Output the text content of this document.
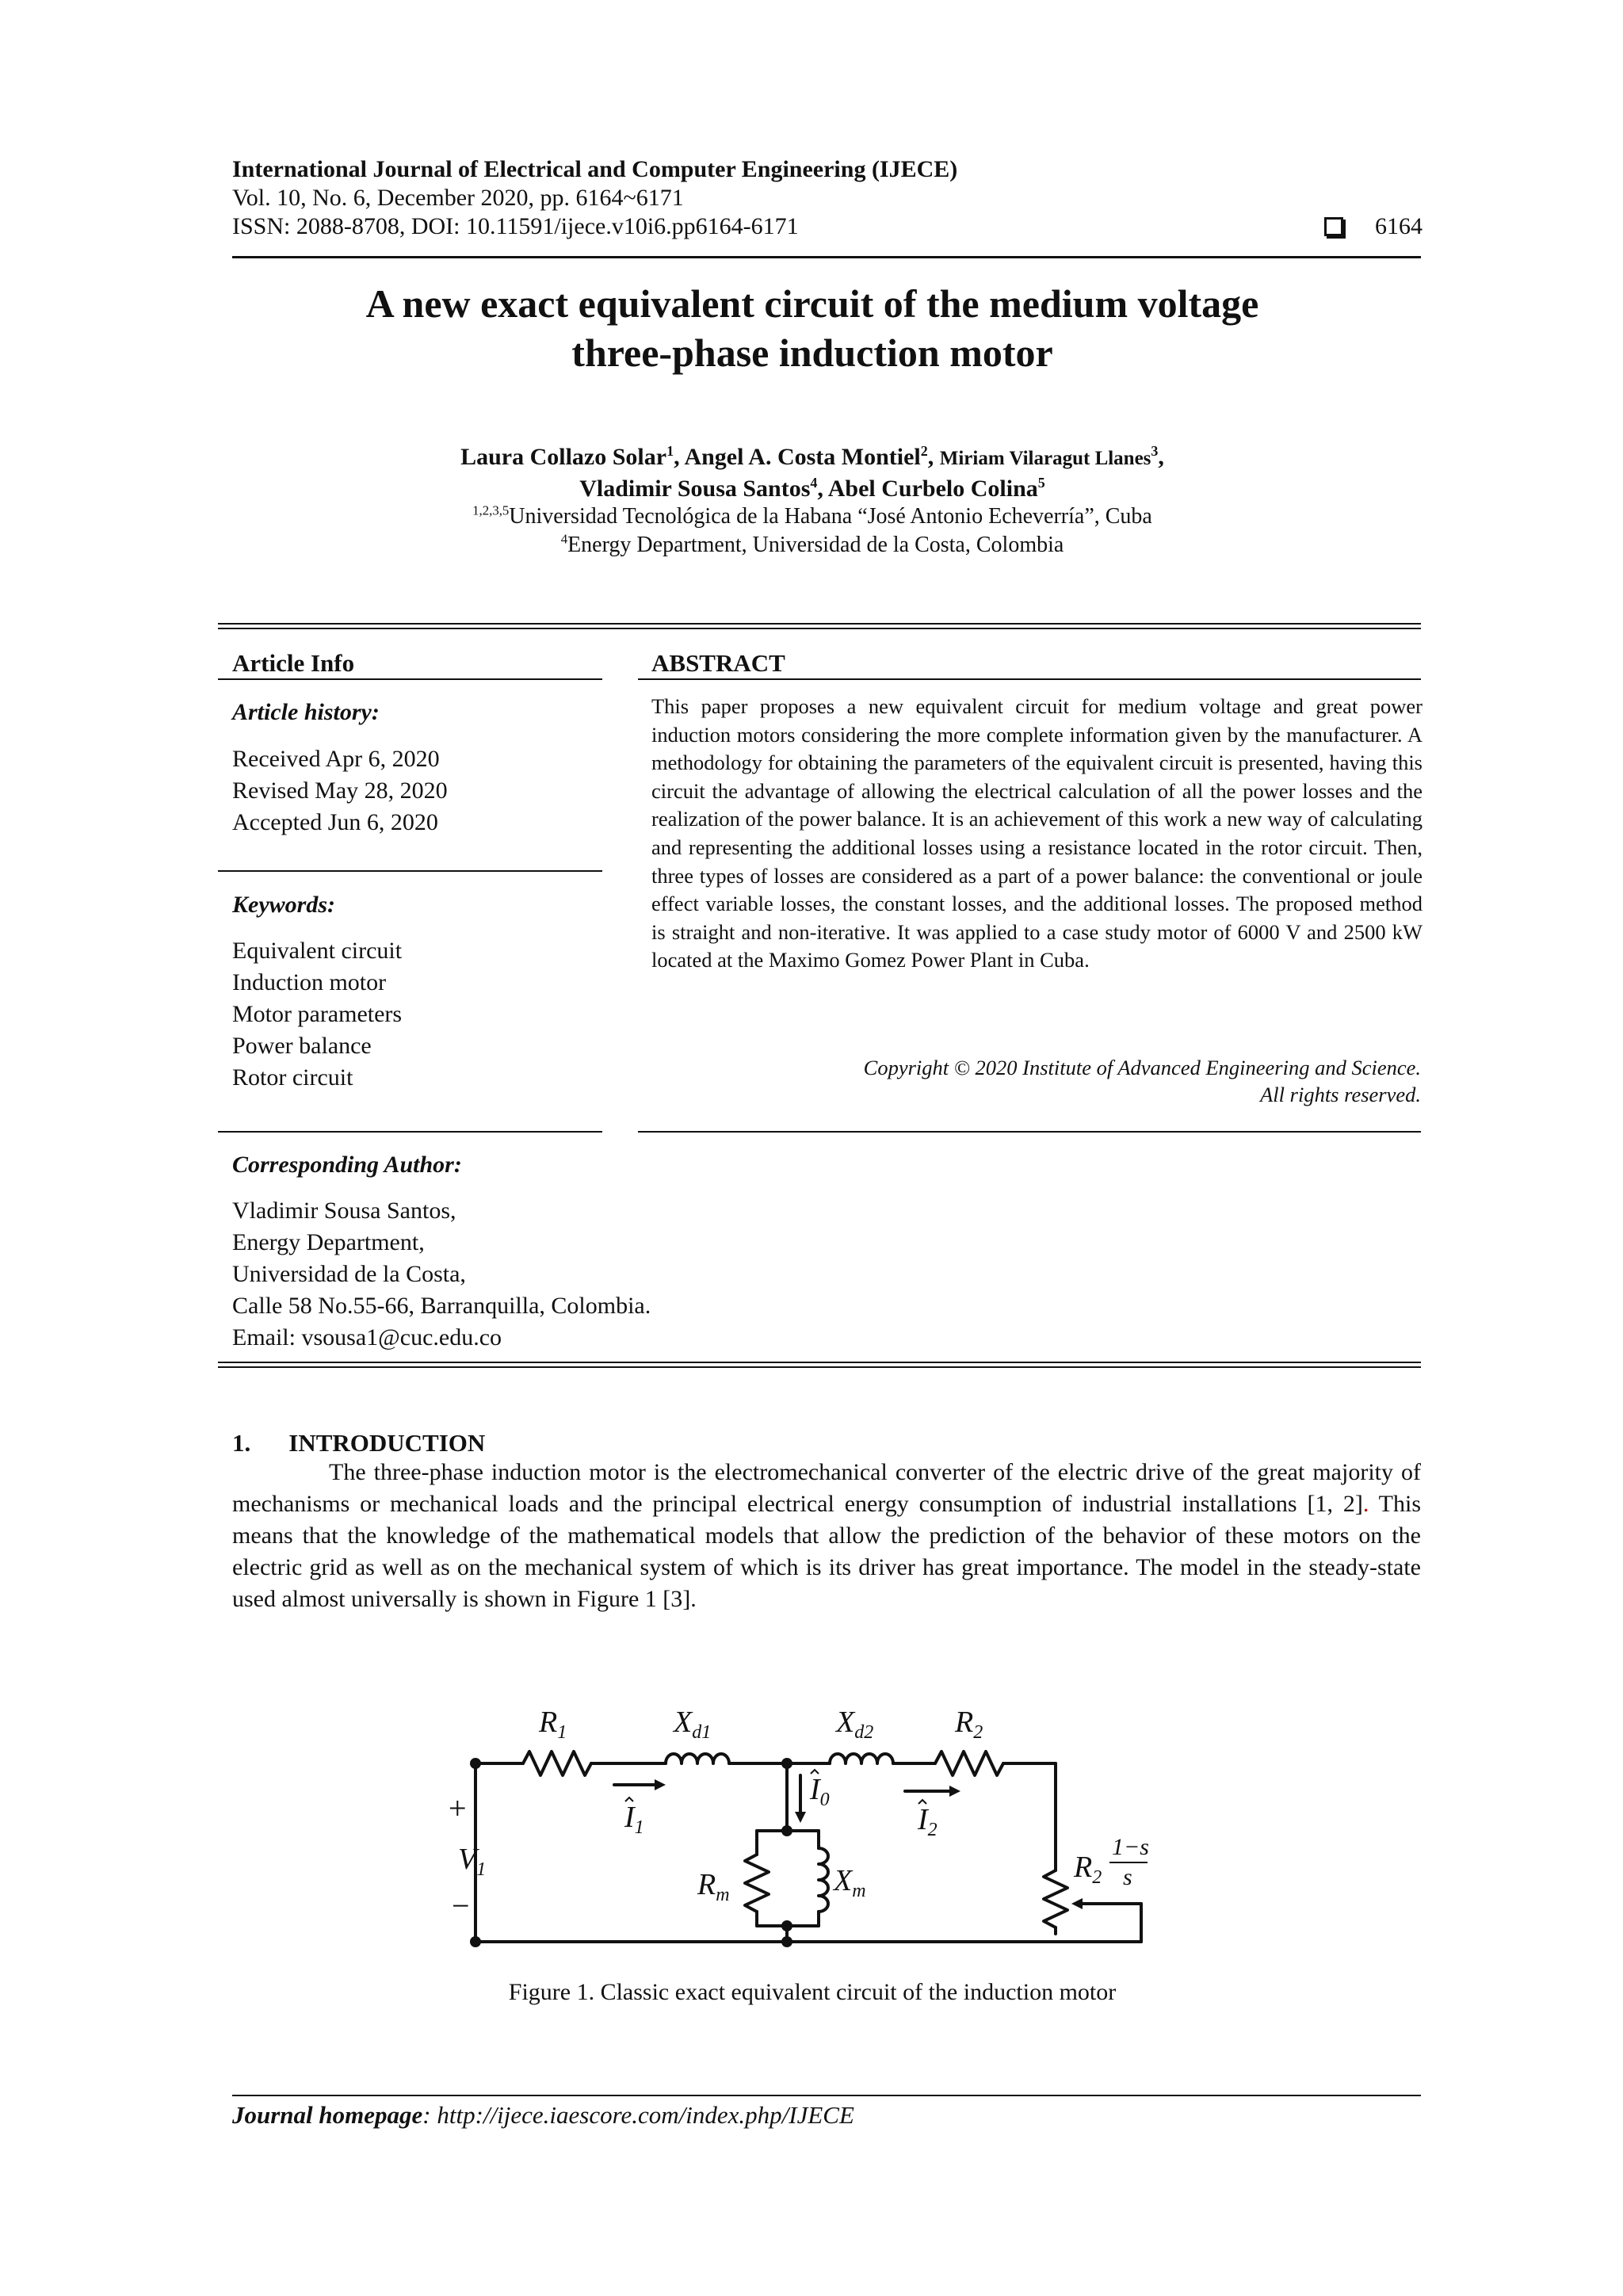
International Journal of Electrical and Computer Engineering (IJECE)
Vol. 10, No. 6, December 2020, pp. 6164~6171
ISSN: 2088-8708, DOI: 10.11591/ijece.v10i6.pp6164-6171	6164
A new exact equivalent circuit of the medium voltage
three-phase induction motor
Laura Collazo Solar$^1$, Angel A. Costa Montiel$^2$, Miriam Vilaragut Llanes$^3$,
Vladimir Sousa Santos$^4$, Abel Curbelo Colina$^5$
$^{1,2,3,5}$Universidad Tecnológica de la Habana “José Antonio Echeverría”, Cuba
$^4$Energy Department, Universidad de la Costa, Colombia
Article Info
Article history:
Received Apr 6, 2020
Revised May 28, 2020
Accepted Jun 6, 2020
Keywords:
Equivalent circuit
Induction motor
Motor parameters
Power balance
Rotor circuit
ABSTRACT
This paper proposes a new equivalent circuit for medium voltage and great power induction motors considering the more complete information given by the manufacturer. A methodology for obtaining the parameters of the equivalent circuit is presented, having this circuit the advantage of allowing the electrical calculation of all the power losses and the realization of the power balance. It is an achievement of this work a new way of calculating and representing the additional losses using a resistance located in the rotor circuit. Then, three types of losses are considered as a part of a power balance: the conventional or joule effect variable losses, the constant losses, and the additional losses. The proposed method is straight and non-iterative. It was applied to a case study motor of 6000 V and 2500 kW located at the Maximo Gomez Power Plant in Cuba.
Copyright © 2020 Institute of Advanced Engineering and Science.
All rights reserved.
Corresponding Author:
Vladimir Sousa Santos,
Energy Department,
Universidad de la Costa,
Calle 58 No.55-66, Barranquilla, Colombia.
Email: vsousa1@cuc.edu.co
1. INTRODUCTION
The three-phase induction motor is the electromechanical converter of the electric drive of the great majority of mechanisms or mechanical loads and the principal electrical energy consumption of industrial installations [1, 2]. This means that the knowledge of the mathematical models that allow the prediction of the behavior of these motors on the electric grid as well as on the mechanical system of which is its driver has great importance. The model in the steady-state used almost universally is shown in Figure 1 [3].
$R_1$	$X_{d1}$	$X_{d2}$	$R_2$
$I_1$
$I_0$
$I_2$
$V_1$	$R_m$	$X_m$
$R_2$
1−s
s
+
−
Figure 1. Classic exact equivalent circuit of the induction motor
Journal homepage: http://ijece.iaescore.com/index.php/IJECE
